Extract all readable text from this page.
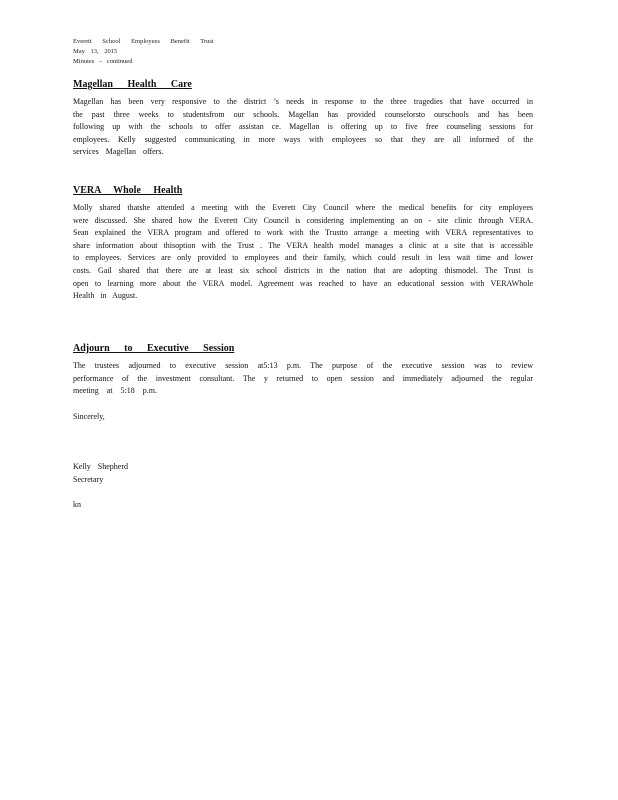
Everett School Employees Benefit Trust
May 13, 2015
Minutes – continued
Magellan Health Care
Magellan has been very responsive to the district ’s needs in response to the three tragedies that have occurred in the past three weeks to studentsfrom our schools. Magellan has provided counselorsto ourschools and has been following up with the schools to offer assistan ce. Magellan is offering up to five free counseling sessions for employees. Kelly suggested communicating in more ways with employees so that they are all informed of the services Magellan offers.
VERA Whole Health
Molly shared thatshe attended a meeting with the Everett City Council where the medical benefits for city employees were discussed. She shared how the Everett City Council is considering implementing an on - site clinic through VERA. Sean explained the VERA program and offered to work with the Trustto arrange a meeting with VERA representatives to share information about thisoption with the Trust . The VERA health model manages a clinic at a site that is accessible to employees. Services are only provided to employees and their family, which could result in less wait time and lower costs. Gail shared that there are at least six school districts in the nation that are adopting thismodel. The Trust is open to learning more about the VERA model. Agreement was reached to have an educational session with VERAWhole Health in August.
Adjourn to Executive Session
The trustees adjourned to executive session at5:13 p.m. The purpose of the executive session was to review performance of the investment consultant. The y returned to open session and immediately adjourned the regular meeting at 5:18 p.m.
Sincerely,
Kelly Shepherd
Secretary
kn
